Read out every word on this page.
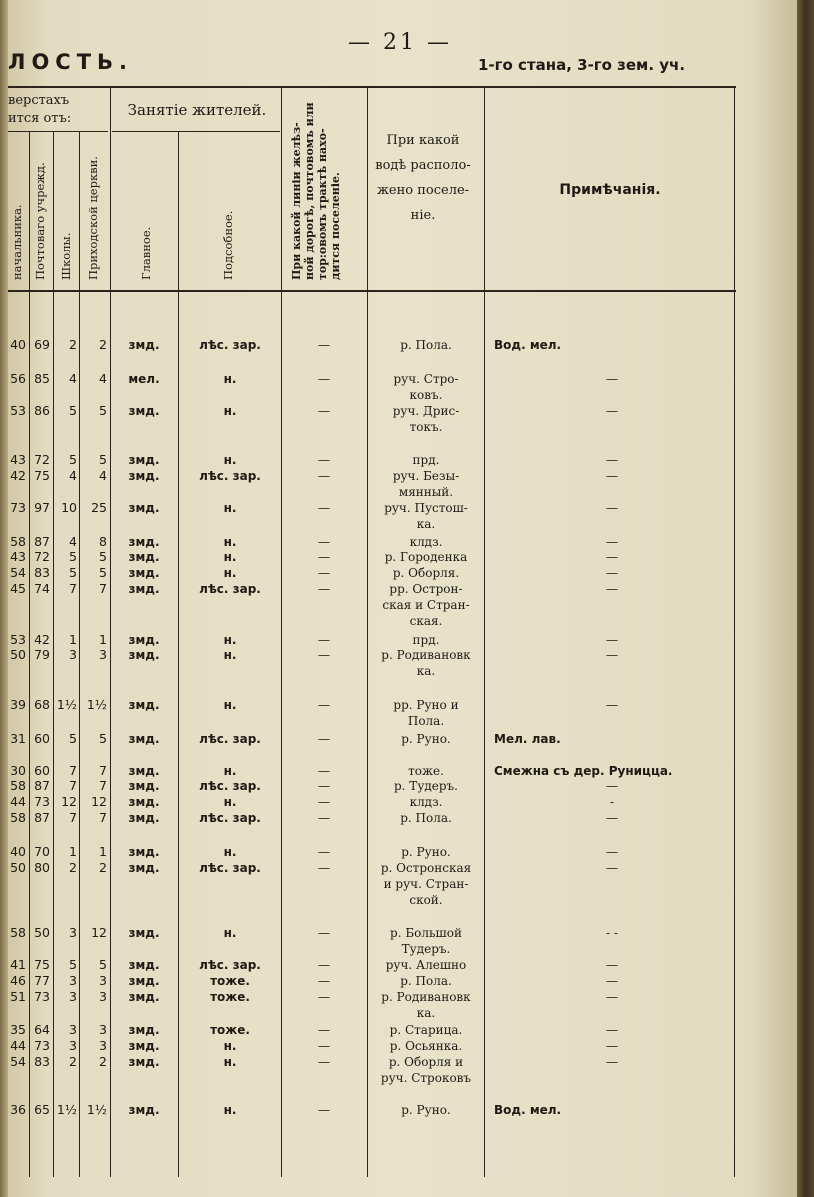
— 21 —
ЛОСТЬ.	1-го стана, 3-го зем. уч.
верстахъ
ится отъ:
начальника. Почтоваго учрежд. Школы. Приходской церкви.
Занятіе жителей.
Главное.	Подсобное.	При какой линіи желѣз-
ной дорогѣ, почтовомъ или
тор:овомъ трактѣ нахо-
дится поселеніе.
При какой
водѣ располо-
жено поселе-
ніе.
Примѣчанія.
40 69	2	2	змд.	лѣс. зар.	—	р. Пола.	Вод. мел.
56 85	4	4	мел.	н.	—	руч. Стро-
ковъ.
—
53 86	5	5	змд.	н.	—	руч. Дрис-
токъ.
—
43 72	5	5	змд.	н.	—	прд.	—
42 75	4	4	змд.	лѣс. зар.	—	руч. Безы-
мянный.
—
73 97 10	25	змд.	н.	—	руч. Пустош-
ка.
—
58 87	4	8	змд.	н.	—	клдз.	—
43 72	5	5	змд.	н.	—	р. Городенка	—
54 83	5	5	змд.	н.	—	р. Оборля.	—
45 74	7	7	змд.	лѣс. зар.	—	рр. Острон-
ская и Стран-
ская.
—
53 42	1	1	змд.	н.	—	прд.	—
50 79	3	3	змд.	н.	—	р. Родивановк
ка.
—
39 68 1½ 1½	змд.	н.	—	рр. Руно и
Пола.
—
31 60	5	5	змд.	лѣс. зар.	—	р. Руно.	Мел. лав.
30 60	7	7	змд.	н.	—	тоже.	Смежна съ дер. Руницца.
58 87	7	7	змд.	лѣс. зар.	—	р. Тудеръ.	—
44 73 12	12	змд.	н.	—	клдз.	-
58 87	7	7	змд.	лѣс. зар.	—	р. Пола.	—
40 70	1	1	змд.	н.	—	р. Руно.	—
50 80	2	2	змд.	лѣс. зар.	—	р. Остронская
и руч. Стран-
ской.
—
58 50	3	12	змд.	н.	—	р. Большой
Тудеръ.
- -
41 75	5	5	змд.	лѣс. зар.	—	руч. Алешно	—
46 77	3	3	змд.	тоже.	—	р. Пола.	—
51 73	3	3	змд.	тоже.	—	р. Родивановк
ка.
—
35 64	3	3	змд.	тоже.	—	р. Старица.	—
44 73	3	3	змд.	н.	—	р. Осьянка.	—
54 83	2	2	змд.	н.	—	р. Оборля и
руч. Строковъ
—
36 65 1½ 1½	змд.	н.	—	р. Руно.	Вод. мел.
